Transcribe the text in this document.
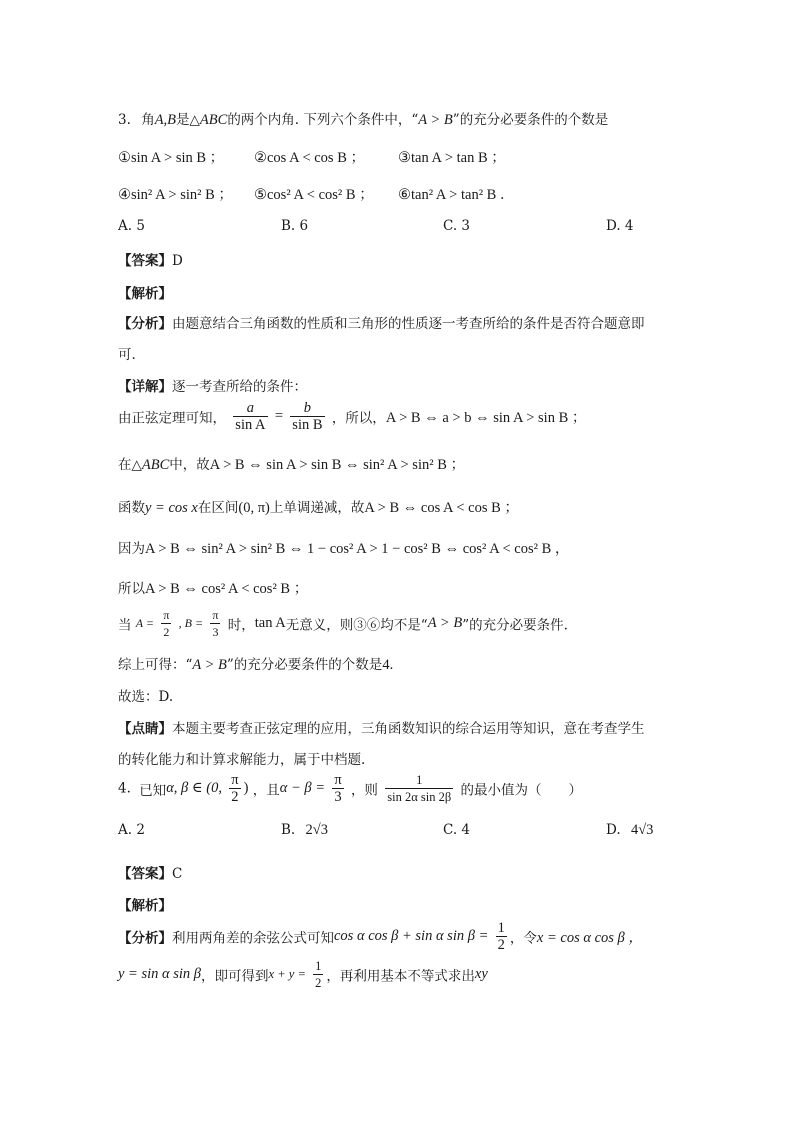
3. 角A,B是△ABC的两个内角. 下列六个条件中，“A > B”的充分必要条件的个数是
①sin A > sin B ； ②cos A < cos B ； ③tan A > tan B ；
④sin² A > sin² B ； ⑤cos² A < cos² B ； ⑥tan² A > tan² B ．
A. 5	B. 6	C. 3	D. 4
【答案】D
【解析】
【分析】由题意结合三角函数的性质和三角形的性质逐一考查所给的条件是否符合题意即
可.
【详解】逐一考查所给的条件：
由正弦定理可知， $\frac{a}{\text{sin A}} = \frac{b}{\text{sin B}}$ ，所以，A > B ⇔ a > b ⇔ sin A > sin B ；
在△ABC中，故A > B ⇔ sin A > sin B ⇔ sin² A > sin² B ；
函数y = cos x在区间(0, π)上单调递减，故A > B ⇔ cos A < cos B ；
因为A > B ⇔ sin² A > sin² B ⇔ 1 − cos² A > 1 − cos² B ⇔ cos² A < cos² B ，
所以A > B ⇔ cos² A < cos² B ；
当 $A = \frac{\pi}{2}$ , $B = \frac{\pi}{3}$ 时，tan A无意义，则③⑥均不是“A > B”的充分必要条件.
综上可得：“A > B”的充分必要条件的个数是4.
故选：D.
【点睛】本题主要考查正弦定理的应用，三角函数知识的综合运用等知识，意在考查学生
的转化能力和计算求解能力，属于中档题.
4. 已知α, β ∈ (0, $\frac{\pi}{2}$ ) ，且$\alpha - \beta = \frac{\pi}{3}$ ，则 $\frac{1}{\text{sin 2α sin 2β}}$ 的最小值为（　　）
A. 2	B. 2√3	C. 4	D. 4√3
【答案】C
【解析】
【分析】利用两角差的余弦公式可知cos α cos β + sin α $\sin \beta = \frac{1}{2}$ ，令x = cos α cos β ，
y = sin α sin β，即可得到$x + y = \frac{1}{2}$ ，再利用基本不等式求出xy
